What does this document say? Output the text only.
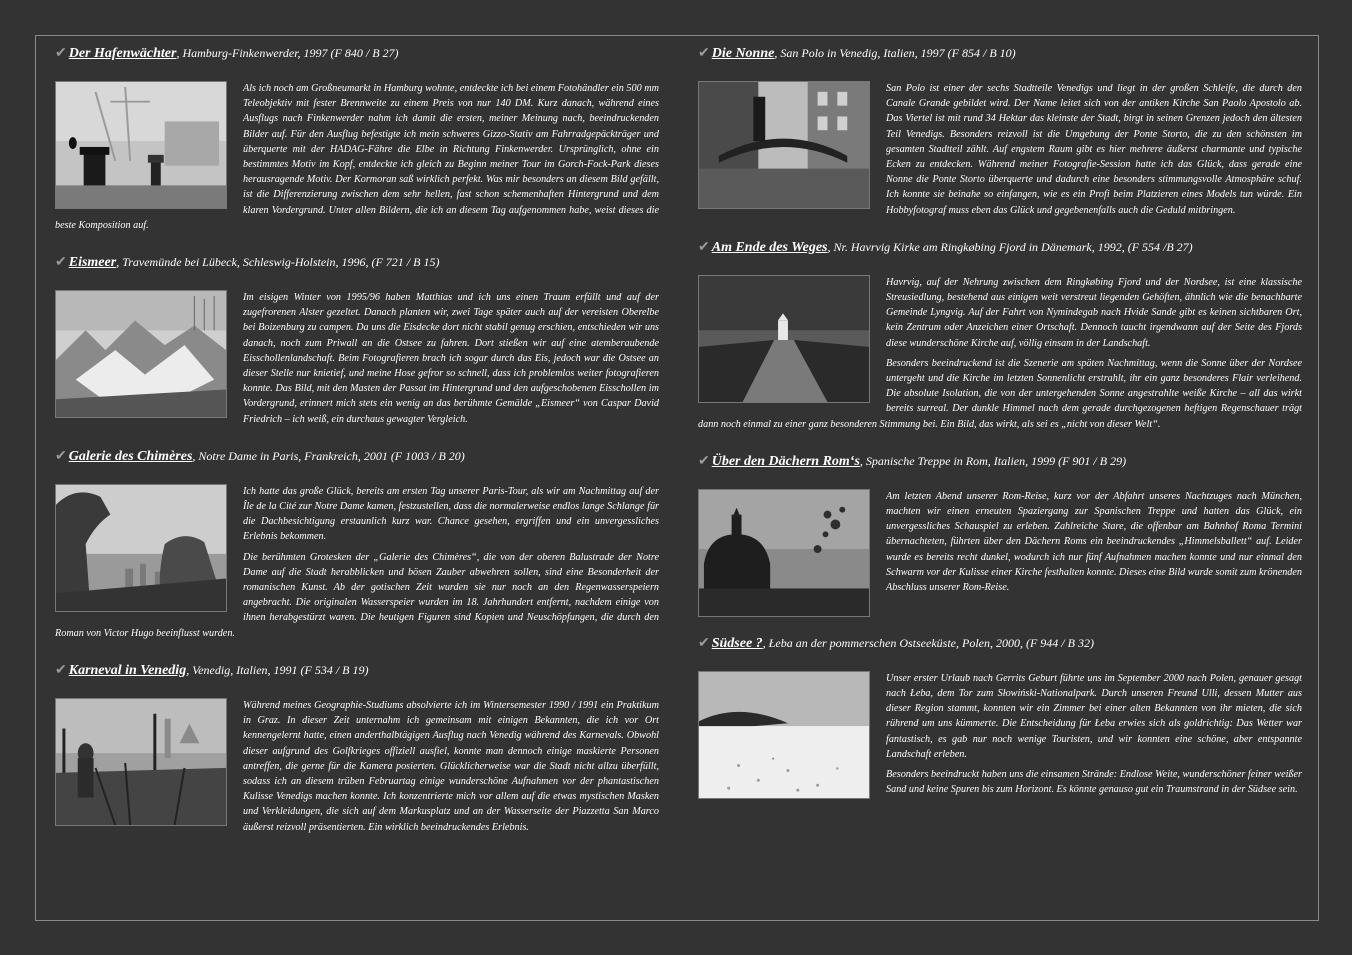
✔ Der Hafenwächter, Hamburg-Finkenwerder, 1997 (F 840 / B 27)

Als ich noch am Großneumarkt in Hamburg wohnte, entdeckte ich bei einem Fotohändler ein 500 mm Teleobjektiv mit fester Brennweite zu einem Preis von nur 140 DM. Kurz danach, während eines Ausflugs nach Finkenwerder nahm ich damit die ersten, meiner Meinung nach, beeindruckenden Bilder auf. Für den Ausflug befestigte ich mein schweres Gizzo-Stativ am Fahrradgepäckträger und überquerte mit der HADAG-Fähre die Elbe in Richtung Finkenwerder. Ursprünglich, ohne ein bestimmtes Motiv im Kopf, entdeckte ich gleich zu Beginn meiner Tour im Gorch-Fock-Park dieses herausragende Motiv. Der Kormoran saß wirklich perfekt. Was mir besonders an diesem Bild gefällt, ist die Differenzierung zwischen dem sehr hellen, fast schon schemenhaften Hintergrund und dem klaren Vordergrund. Unter allen Bildern, die ich an diesem Tag aufgenommen habe, weist dieses die beste Komposition auf.

✔ Eismeer, Travemünde bei Lübeck, Schleswig-Holstein, 1996, (F 721 / B 15)

Im eisigen Winter von 1995/96 haben Matthias und ich uns einen Traum erfüllt und auf der zugefrorenen Alster gezeltet. Danach planten wir, zwei Tage später auch auf der vereisten Oberelbe bei Boizenburg zu campen. Da uns die Eisdecke dort nicht stabil genug erschien, entschieden wir uns danach, noch zum Priwall an die Ostsee zu fahren. Dort stießen wir auf eine atemberaubende Eisschollenlandschaft. Beim Fotografieren brach ich sogar durch das Eis, jedoch war die Ostsee an dieser Stelle nur knietief, und meine Hose gefror so schnell, dass ich problemlos weiter fotografieren konnte. Das Bild, mit den Masten der Passat im Hintergrund und den aufgeschobenen Eisschollen im Vordergrund, erinnert mich stets ein wenig an das berühmte Gemälde „Eismeer“ von Caspar David Friedrich – ich weiß, ein durchaus gewagter Vergleich.

✔ Galerie des Chimères, Notre Dame in Paris, Frankreich, 2001 (F 1003 / B 20)

Ich hatte das große Glück, bereits am ersten Tag unserer Paris-Tour, als wir am Nachmittag auf der Île de la Cité zur Notre Dame kamen, festzustellen, dass die normalerweise endlos lange Schlange für die Dachbesichtigung erstaunlich kurz war. Chance gesehen, ergriffen und ein unvergessliches Erlebnis bekommen.

Die berühmten Grotesken der „Galerie des Chimères“, die von der oberen Balustrade der Notre Dame auf die Stadt herabblicken und bösen Zauber abwehren sollen, sind eine Besonderheit der romanischen Kunst. Ab der gotischen Zeit wurden sie nur noch an den Regenwasserspeiern angebracht. Die originalen Wasserspeier wurden im 18. Jahrhundert entfernt, nachdem einige von ihnen herabgestürzt waren. Die heutigen Figuren sind Kopien und Neuschöpfungen, die durch den Roman von Victor Hugo beeinflusst wurden.

✔ Karneval in Venedig, Venedig, Italien, 1991 (F 534 / B 19)

Während meines Geographie-Studiums absolvierte ich im Wintersemester 1990 / 1991 ein Praktikum in Graz. In dieser Zeit unternahm ich gemeinsam mit einigen Bekannten, die ich vor Ort kennengelernt hatte, einen anderthalbtägigen Ausflug nach Venedig während des Karnevals. Obwohl dieser aufgrund des Golfkrieges offiziell ausfiel, konnte man dennoch einige maskierte Personen antreffen, die gerne für die Kamera posierten. Glücklicherweise war die Stadt nicht allzu überfüllt, sodass ich an diesem trüben Februartag einige wunderschöne Aufnahmen vor der phantastischen Kulisse Venedigs machen konnte. Ich konzentrierte mich vor allem auf die etwas mystischen Masken und Verkleidungen, die sich auf dem Markusplatz und an der Wasserseite der Piazzetta San Marco äußerst reizvoll präsentierten. Ein wirklich beeindruckendes Erlebnis.

✔ Die Nonne, San Polo in Venedig, Italien, 1997 (F 854 / B 10)

San Polo ist einer der sechs Stadtteile Venedigs und liegt in der großen Schleife, die durch den Canale Grande gebildet wird. Der Name leitet sich von der antiken Kirche San Paolo Apostolo ab. Das Viertel ist mit rund 34 Hektar das kleinste der Stadt, birgt in seinen Grenzen jedoch den ältesten Teil Venedigs. Besonders reizvoll ist die Umgebung der Ponte Storto, die zu den schönsten im gesamten Stadtteil zählt. Auf engstem Raum gibt es hier mehrere äußerst charmante und typische Ecken zu entdecken. Während meiner Fotografie-Session hatte ich das Glück, dass gerade eine Nonne die Ponte Storto überquerte und dadurch eine besonders stimmungsvolle Atmosphäre schuf. Ich konnte sie beinahe so einfangen, wie es ein Profi beim Platzieren eines Models tun würde. Ein Hobbyfotograf muss eben das Glück und gegebenenfalls auch die Geduld mitbringen.

✔ Am Ende des Weges, Nr. Havrvig Kirke am Ringkøbing Fjord in Dänemark, 1992, (F 554 /B 27)

Havrvig, auf der Nehrung zwischen dem Ringkøbing Fjord und der Nordsee, ist eine klassische Streusiedlung, bestehend aus einigen weit verstreut liegenden Gehöften, ähnlich wie die benachbarte Gemeinde Lyngvig. Auf der Fahrt von Nymindegab nach Hvide Sande gibt es keinen sichtbaren Ort, kein Zentrum oder Anzeichen einer Ortschaft. Dennoch taucht irgendwann auf der Seite des Fjords diese wunderschöne Kirche auf, völlig einsam in der Landschaft.

Besonders beeindruckend ist die Szenerie am späten Nachmittag, wenn die Sonne über der Nordsee untergeht und die Kirche im letzten Sonnenlicht erstrahlt, ihr ein ganz besonderes Flair verleihend. Die absolute Isolation, die von der untergehenden Sonne angestrahlte weiße Kirche – all das wirkt bereits surreal. Der dunkle Himmel nach dem gerade durchgezogenen heftigen Regenschauer trägt dann noch einmal zu einer ganz besonderen Stimmung bei. Ein Bild, das wirkt, als sei es „nicht von dieser Welt“.

✔ Über den Dächern Rom‘s, Spanische Treppe in Rom, Italien, 1999 (F 901 / B 29)

Am letzten Abend unserer Rom-Reise, kurz vor der Abfahrt unseres Nachtzuges nach München, machten wir einen erneuten Spaziergang zur Spanischen Treppe und hatten das Glück, ein unvergessliches Schauspiel zu erleben. Zahlreiche Stare, die offenbar am Bahnhof Roma Termini übernachteten, führten über den Dächern Roms ein beeindruckendes „Himmelsballett“ auf. Leider wurde es bereits recht dunkel, wodurch ich nur fünf Aufnahmen machen konnte und nur einmal den Schwarm vor der Kulisse einer Kirche festhalten konnte. Dieses eine Bild wurde somit zum krönenden Abschluss unserer Rom-Reise.

✔ Südsee ?, Łeba an der pommerschen Ostseeküste, Polen, 2000, (F 944 / B 32)

Unser erster Urlaub nach Gerrits Geburt führte uns im September 2000 nach Polen, genauer gesagt nach Łeba, dem Tor zum Słowiński-Nationalpark. Durch unseren Freund Ulli, dessen Mutter aus dieser Region stammt, konnten wir ein Zimmer bei einer alten Bekannten von ihr mieten, die sich rührend um uns kümmerte. Die Entscheidung für Łeba erwies sich als goldrichtig: Das Wetter war fantastisch, es gab nur noch wenige Touristen, und wir konnten eine schöne, aber entspannte Landschaft erleben.

Besonders beeindruckt haben uns die einsamen Strände: Endlose Weite, wunderschöner feiner weißer Sand und keine Spuren bis zum Horizont. Es könnte genauso gut ein Traumstrand in der Südsee sein.
